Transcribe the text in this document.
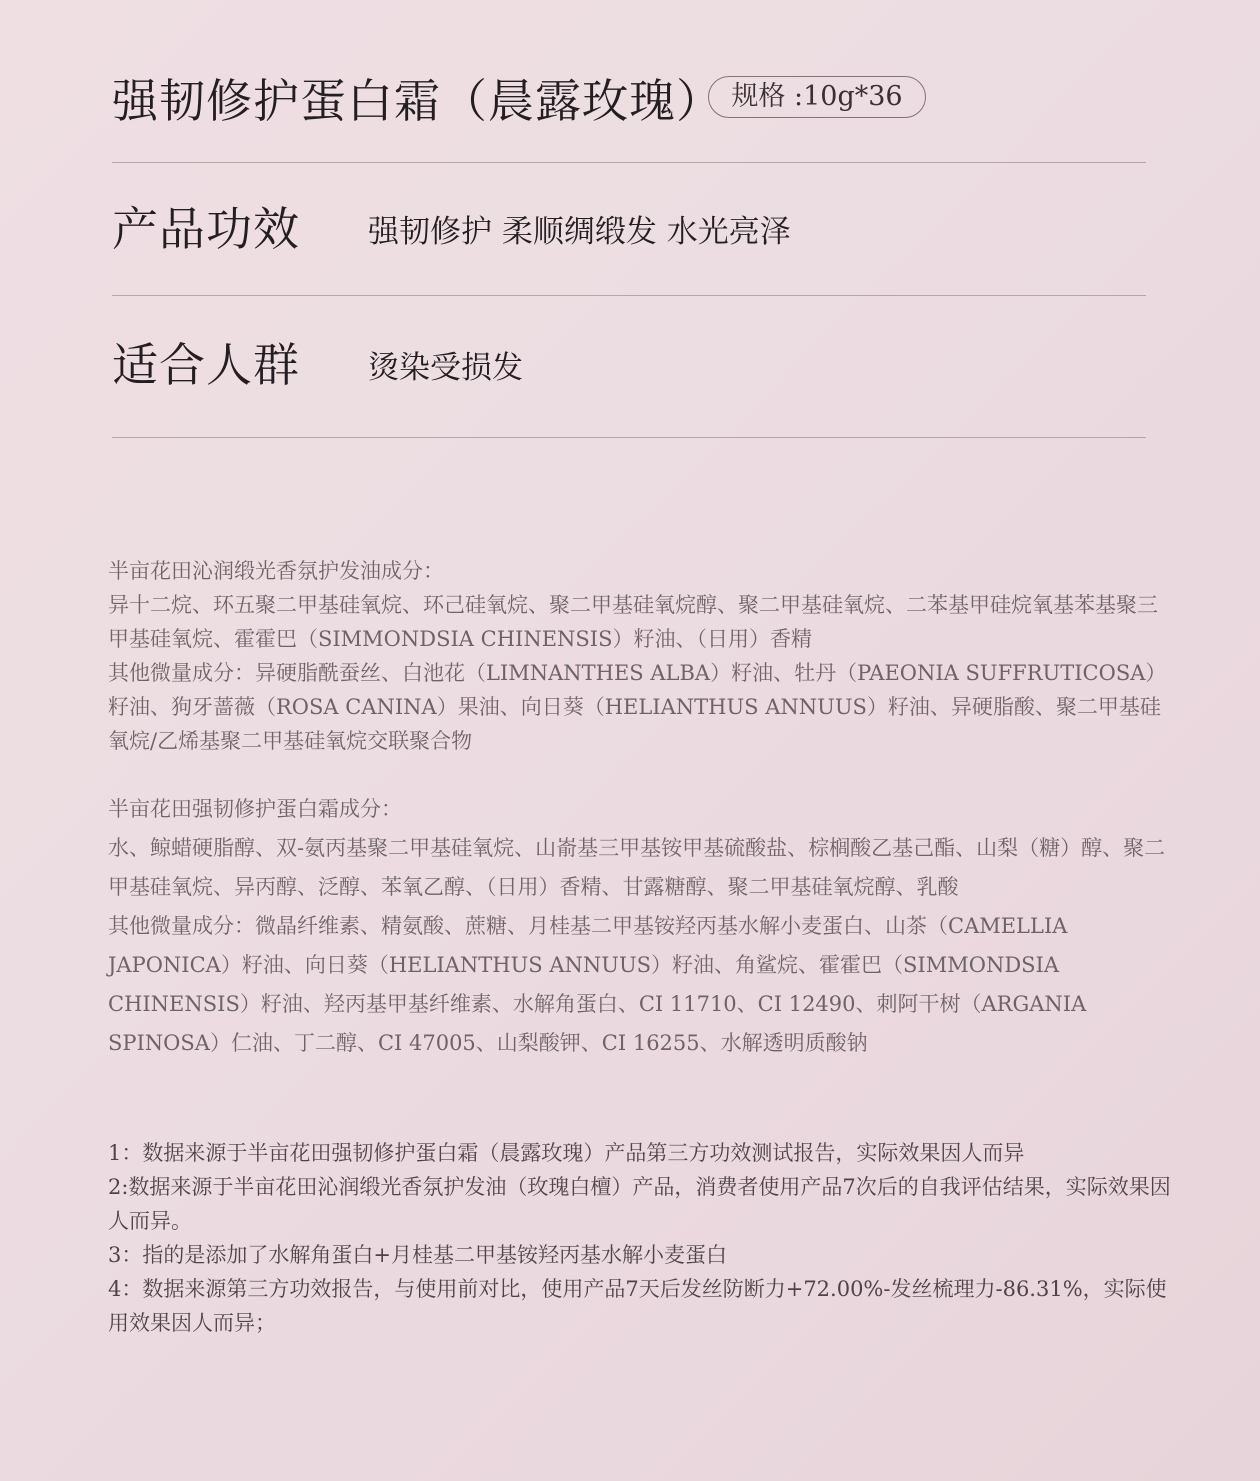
强韧修护蛋白霜（晨露玫瑰） 规格 :10g*36
产品功效 强韧修护 柔顺绸缎发 水光亮泽
适合人群 烫染受损发

半亩花田沁润缎光香氛护发油成分：

异十二烷、环五聚二甲基硅氧烷、环己硅氧烷、聚二甲基硅氧烷醇、聚二甲基硅氧烷、二苯基甲硅烷氧基苯基聚三甲基硅氧烷、霍霍巴（SIMMONDSIA CHINENSIS）籽油、（日用）香精

其他微量成分：异硬脂酰蚕丝、白池花（LIMNANTHES ALBA）籽油、牡丹（PAEONIA SUFFRUTICOSA）籽油、狗牙蔷薇（ROSA CANINA）果油、向日葵（HELIANTHUS ANNUUS）籽油、异硬脂酸、聚二甲基硅氧烷/乙烯基聚二甲基硅氧烷交联聚合物

半亩花田强韧修护蛋白霜成分：

水、鲸蜡硬脂醇、双-氨丙基聚二甲基硅氧烷、山嵛基三甲基铵甲基硫酸盐、棕榈酸乙基己酯、山梨（糖）醇、聚二甲基硅氧烷、异丙醇、泛醇、苯氧乙醇、（日用）香精、甘露糖醇、聚二甲基硅氧烷醇、乳酸

其他微量成分：微晶纤维素、精氨酸、蔗糖、月桂基二甲基铵羟丙基水解小麦蛋白、山茶（CAMELLIA JAPONICA）籽油、向日葵（HELIANTHUS ANNUUS）籽油、角鲨烷、霍霍巴（SIMMONDSIA CHINENSIS）籽油、羟丙基甲基纤维素、水解角蛋白、CI 11710、CI 12490、刺阿干树（ARGANIA SPINOSA）仁油、丁二醇、CI 47005、山梨酸钾、CI 16255、水解透明质酸钠

1：数据来源于半亩花田强韧修护蛋白霜（晨露玫瑰）产品第三方功效测试报告，实际效果因人而异

2:数据来源于半亩花田沁润缎光香氛护发油（玫瑰白檀）产品，消费者使用产品7次后的自我评估结果，实际效果因人而异。

3：指的是添加了水解角蛋白+月桂基二甲基铵羟丙基水解小麦蛋白

4：数据来源第三方功效报告，与使用前对比，使用产品7天后发丝防断力+72.00%-发丝梳理力-86.31%，实际使用效果因人而异；
